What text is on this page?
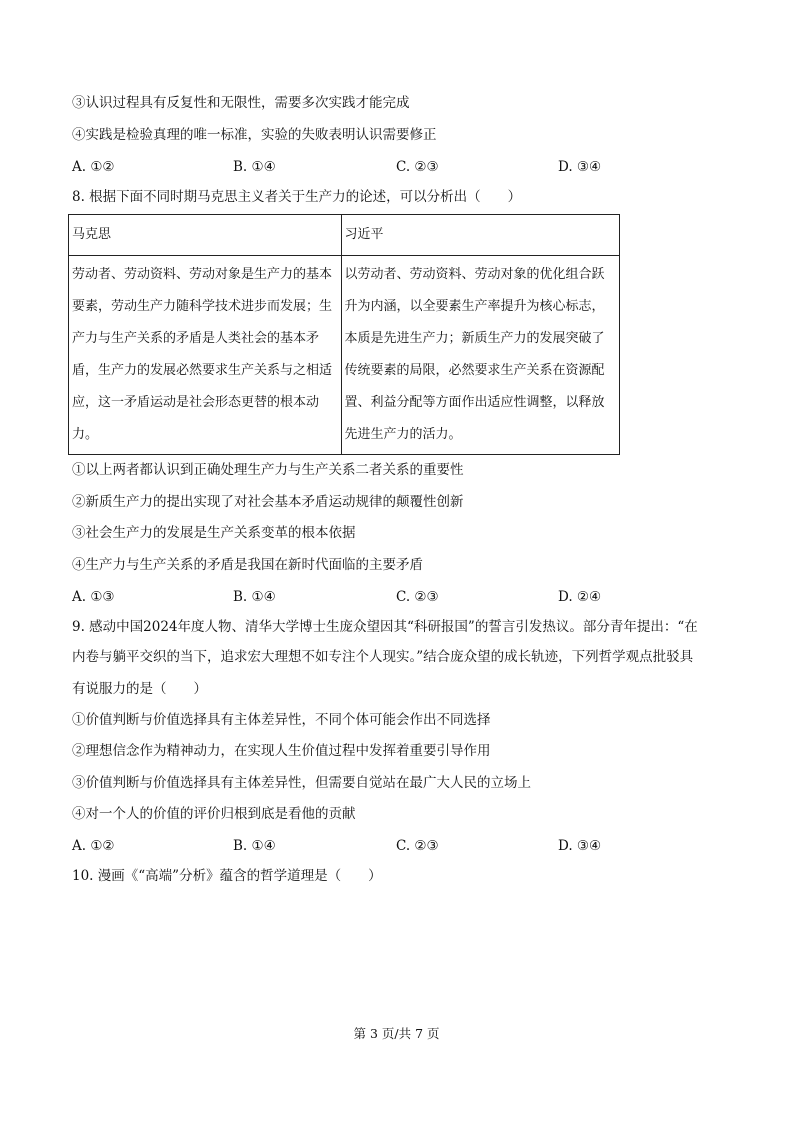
③认识过程具有反复性和无限性，需要多次实践才能完成
④实践是检验真理的唯一标准，实验的失败表明认识需要修正
A. ①②	B. ①④	C. ②③	D. ③④
8. 根据下面不同时期马克思主义者关于生产力的论述，可以分析出（　　）
马克思	习近平
劳动者、劳动资料、劳动对象是生产力的基本要素，劳动生产力随科学技术进步而发展；生产力与生产关系的矛盾是人类社会的基本矛盾，生产力的发展必然要求生产关系与之相适应，这一矛盾运动是社会形态更替的根本动力。	以劳动者、劳动资料、劳动对象的优化组合跃升为内涵，以全要素生产率提升为核心标志，本质是先进生产力；新质生产力的发展突破了传统要素的局限，必然要求生产关系在资源配置、利益分配等方面作出适应性调整，以释放先进生产力的活力。
①以上两者都认识到正确处理生产力与生产关系二者关系的重要性
②新质生产力的提出实现了对社会基本矛盾运动规律的颠覆性创新
③社会生产力的发展是生产关系变革的根本依据
④生产力与生产关系的矛盾是我国在新时代面临的主要矛盾
A. ①③	B. ①④	C. ②③	D. ②④
9. 感动中国2024年度人物、清华大学博士生庞众望因其“科研报国”的誓言引发热议。部分青年提出：“在
内卷与躺平交织的当下，追求宏大理想不如专注个人现实。”结合庞众望的成长轨迹，下列哲学观点批驳具
有说服力的是（　　）
①价值判断与价值选择具有主体差异性，不同个体可能会作出不同选择
②理想信念作为精神动力，在实现人生价值过程中发挥着重要引导作用
③价值判断与价值选择具有主体差异性，但需要自觉站在最广大人民的立场上
④对一个人的价值的评价归根到底是看他的贡献
A. ①②	B. ①④	C. ②③	D. ③④
10. 漫画《“高端”分析》蕴含的哲学道理是（　　）
第 3 页/共 7 页
